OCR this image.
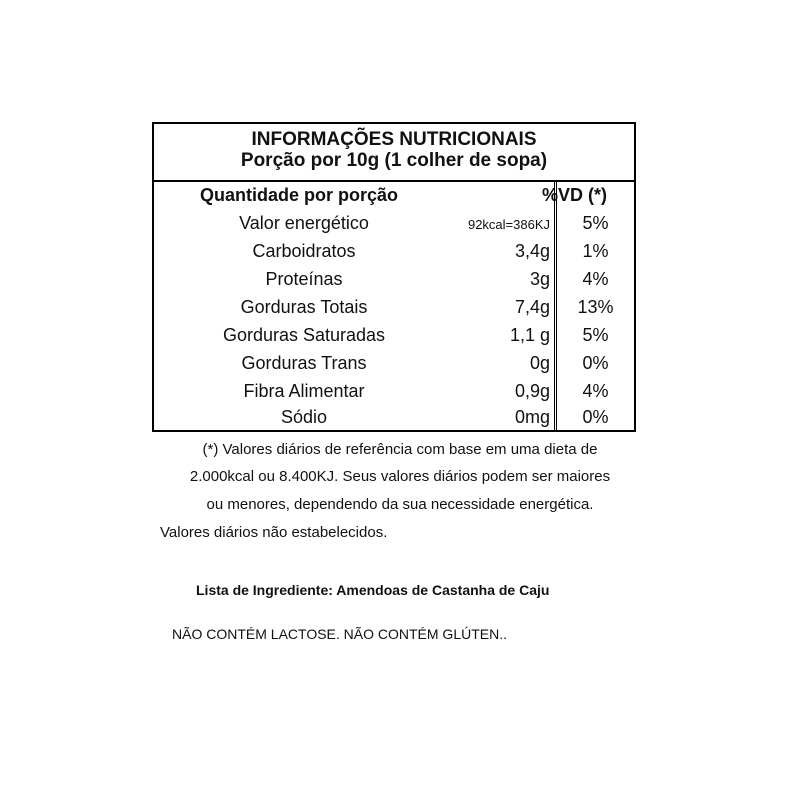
INFORMAÇÕES NUTRICIONAIS
Porção por 10g (1 colher de sopa)
Quantidade por porção	%VD (*)
Valor energético	92kcal=386KJ	5%
Carboidratos	3,4g	1%
Proteínas	3g	4%
Gorduras Totais	7,4g	13%
Gorduras Saturadas	1,1 g	5%
Gorduras Trans	0g	0%
Fibra Alimentar	0,9g	4%
Sódio	0mg	0%
(*) Valores diários de referência com base em uma dieta de
2.000kcal ou 8.400KJ. Seus valores diários podem ser maiores
ou menores, dependendo da sua necessidade energética.
Valores diários não estabelecidos.
Lista de Ingrediente: Amendoas de Castanha de Caju
NÃO CONTÉM LACTOSE. NÃO CONTÉM GLÚTEN..
